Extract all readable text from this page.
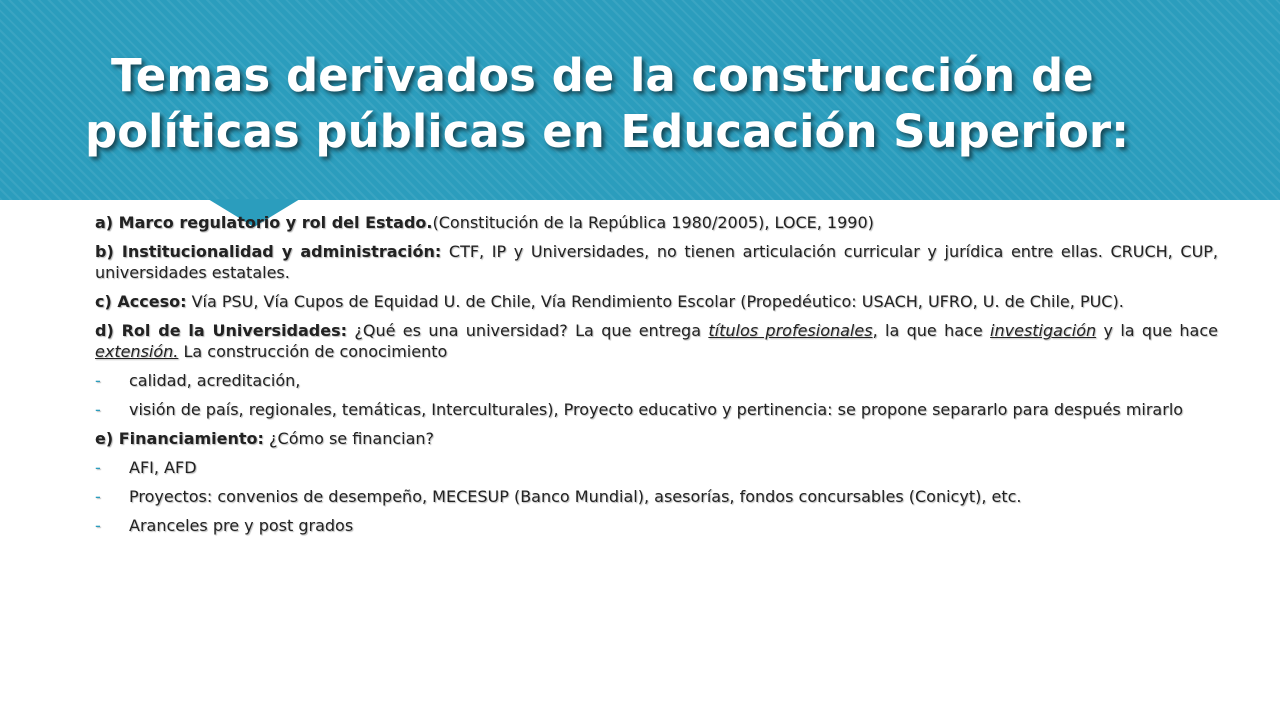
Temas derivados de la construcción de
políticas públicas en Educación Superior:

a) Marco regulatorio y rol del Estado.(Constitución de la República 1980/2005), LOCE, 1990)

b) Institucionalidad y administración: CTF, IP y Universidades, no tienen articulación curricular y jurídica entre ellas. CRUCH, CUP, universidades estatales.

c) Acceso: Vía PSU, Vía Cupos de Equidad U. de Chile, Vía Rendimiento Escolar (Propedéutico: USACH, UFRO, U. de Chile, PUC).

d) Rol de la Universidades: ¿Qué es una universidad? La que entrega títulos profesionales, la que hace investigación y la que hace extensión. La construcción de conocimiento

-	calidad, acreditación,
-	visión de país, regionales, temáticas, Interculturales), Proyecto educativo y pertinencia: se propone separarlo para después mirarlo

e) Financiamiento: ¿Cómo se financian?

-	AFI, AFD
-	Proyectos: convenios de desempeño, MECESUP (Banco Mundial), asesorías, fondos concursables (Conicyt), etc.
-	Aranceles pre y post grados
